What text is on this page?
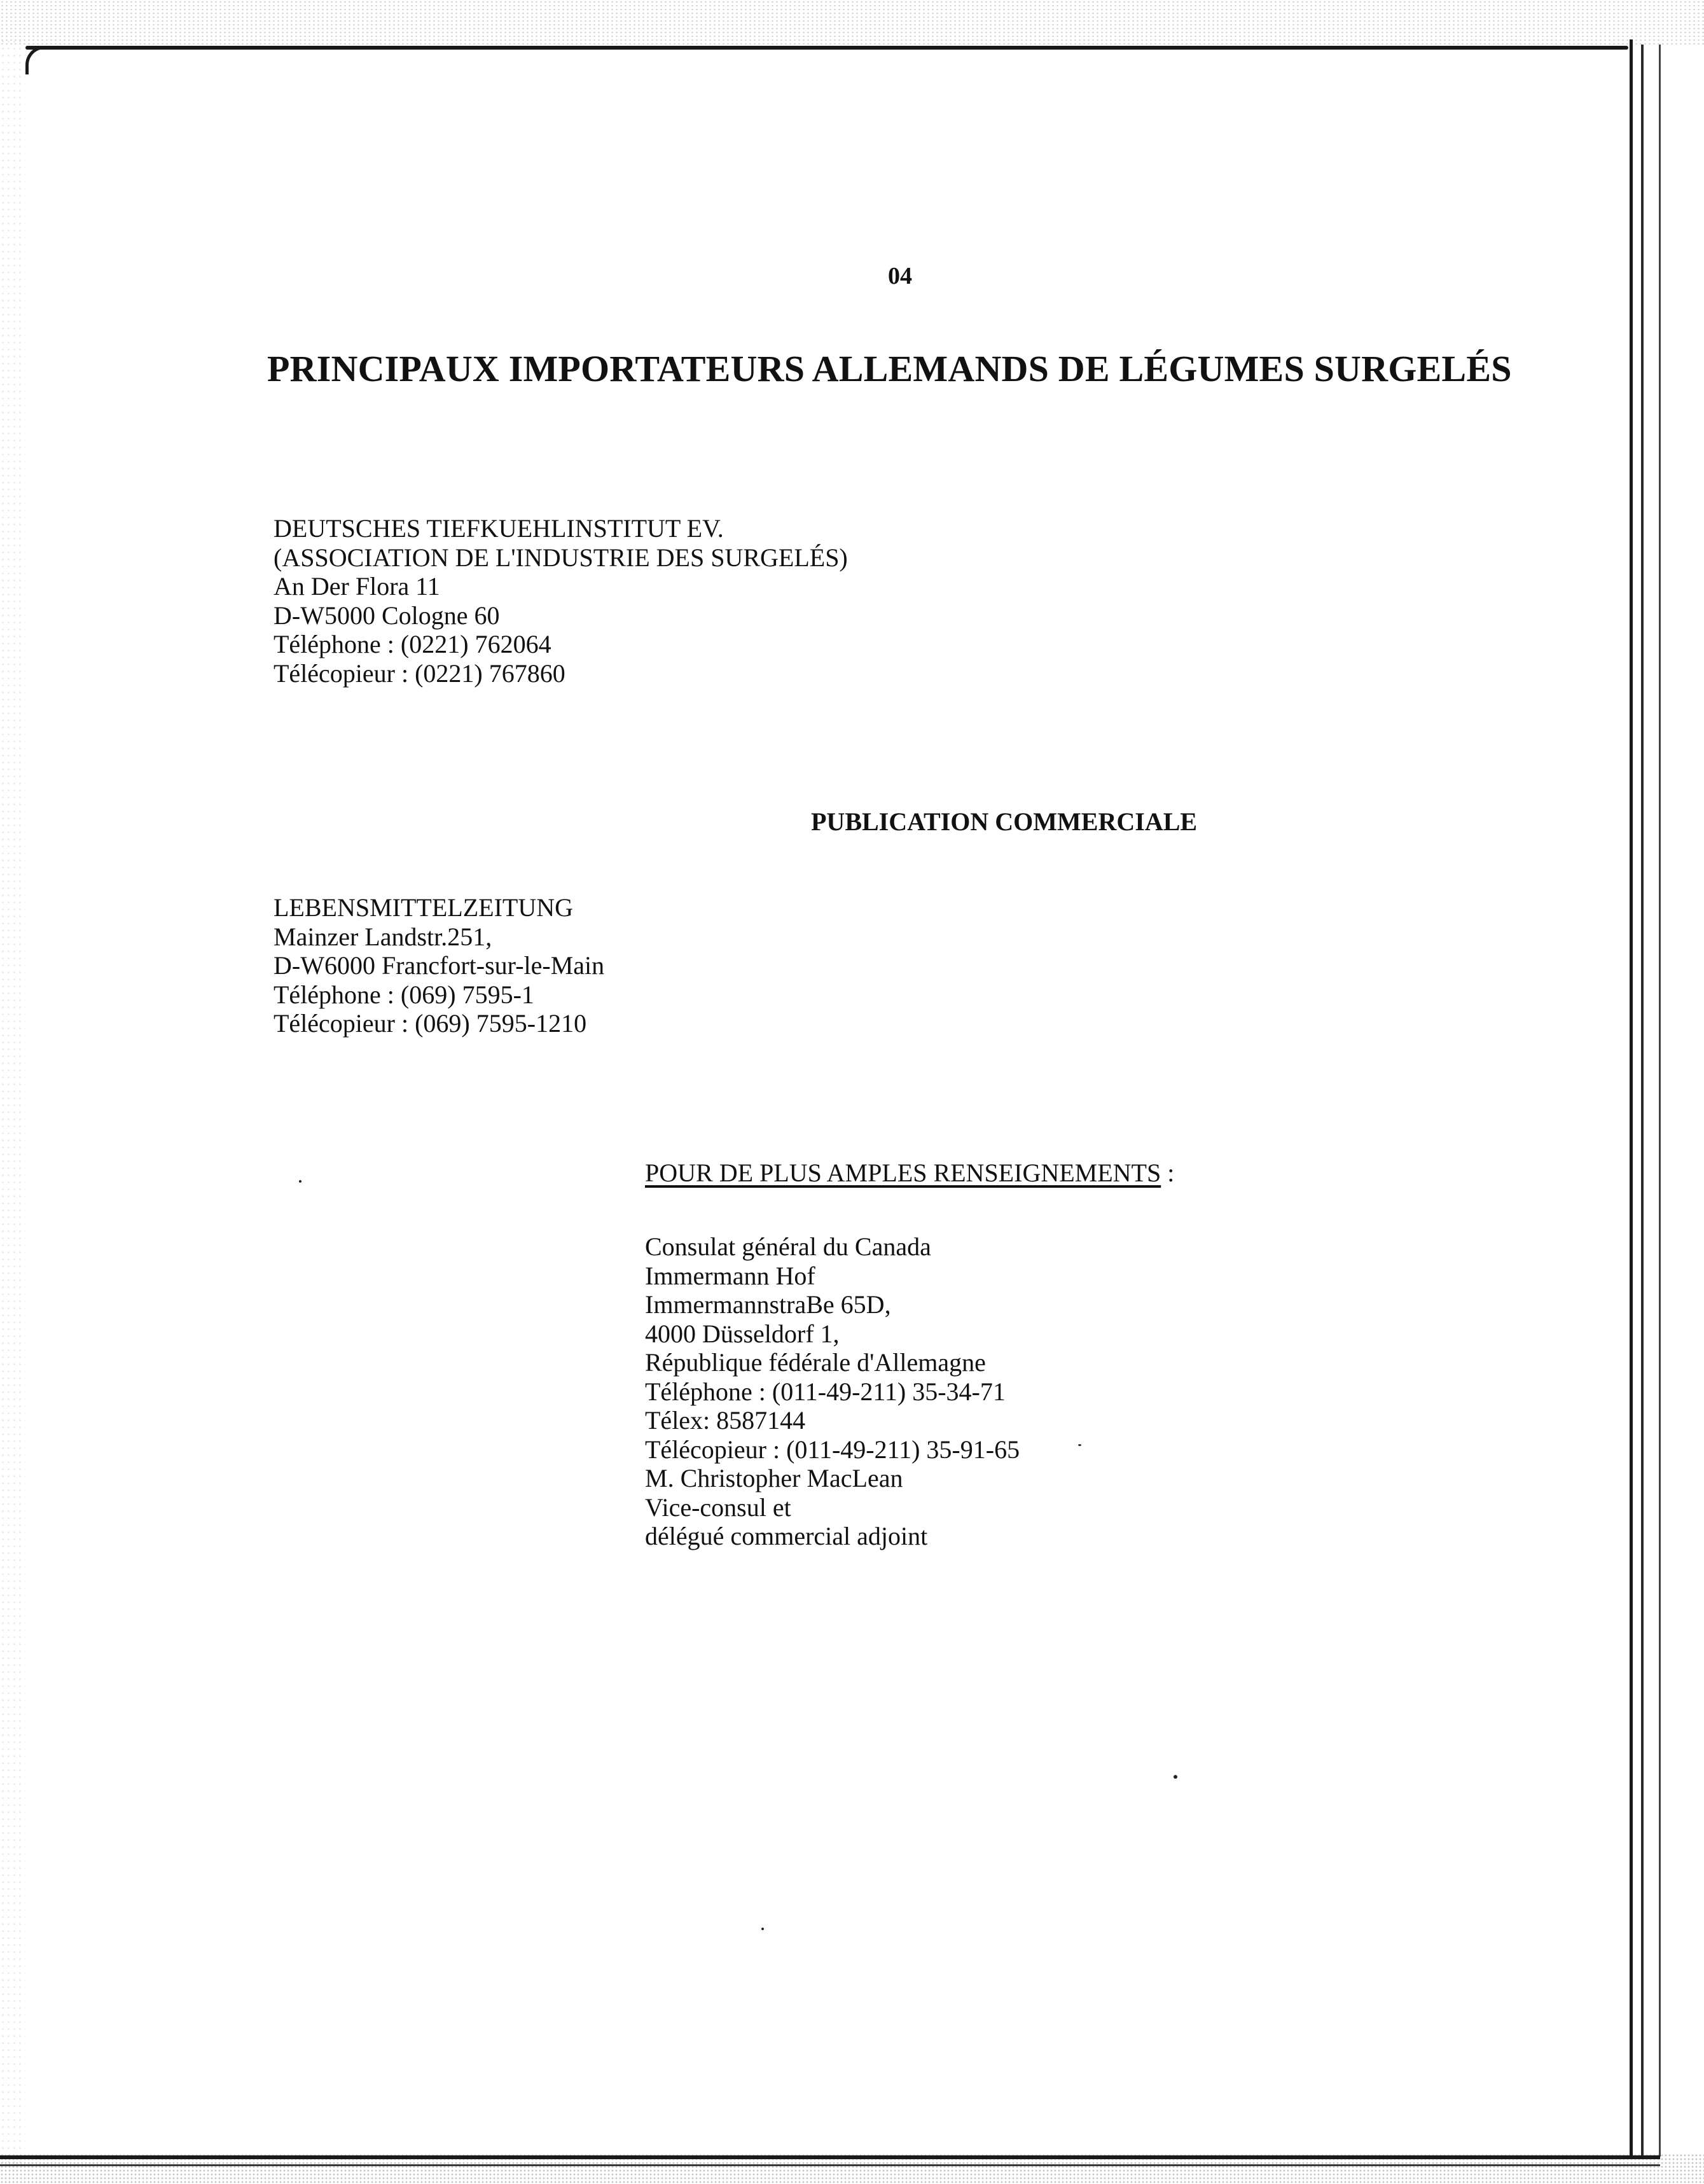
04
PRINCIPAUX IMPORTATEURS ALLEMANDS DE LÉGUMES SURGELÉS
DEUTSCHES TIEFKUEHLINSTITUT EV.
(ASSOCIATION DE L'INDUSTRIE DES SURGELÉS)
An Der Flora 11
D-W5000 Cologne 60
Téléphone : (0221) 762064
Télécopieur : (0221) 767860
PUBLICATION COMMERCIALE
LEBENSMITTELZEITUNG
Mainzer Landstr.251,
D-W6000 Francfort-sur-le-Main
Téléphone : (069) 7595-1
Télécopieur : (069) 7595-1210
POUR DE PLUS AMPLES RENSEIGNEMENTS :
Consulat général du Canada
Immermann Hof
ImmermannstraBe 65D,
4000 Düsseldorf 1,
République fédérale d'Allemagne
Téléphone : (011-49-211) 35-34-71
Télex: 8587144
Télécopieur : (011-49-211) 35-91-65
M. Christopher MacLean
Vice-consul et
délégué commercial adjoint
